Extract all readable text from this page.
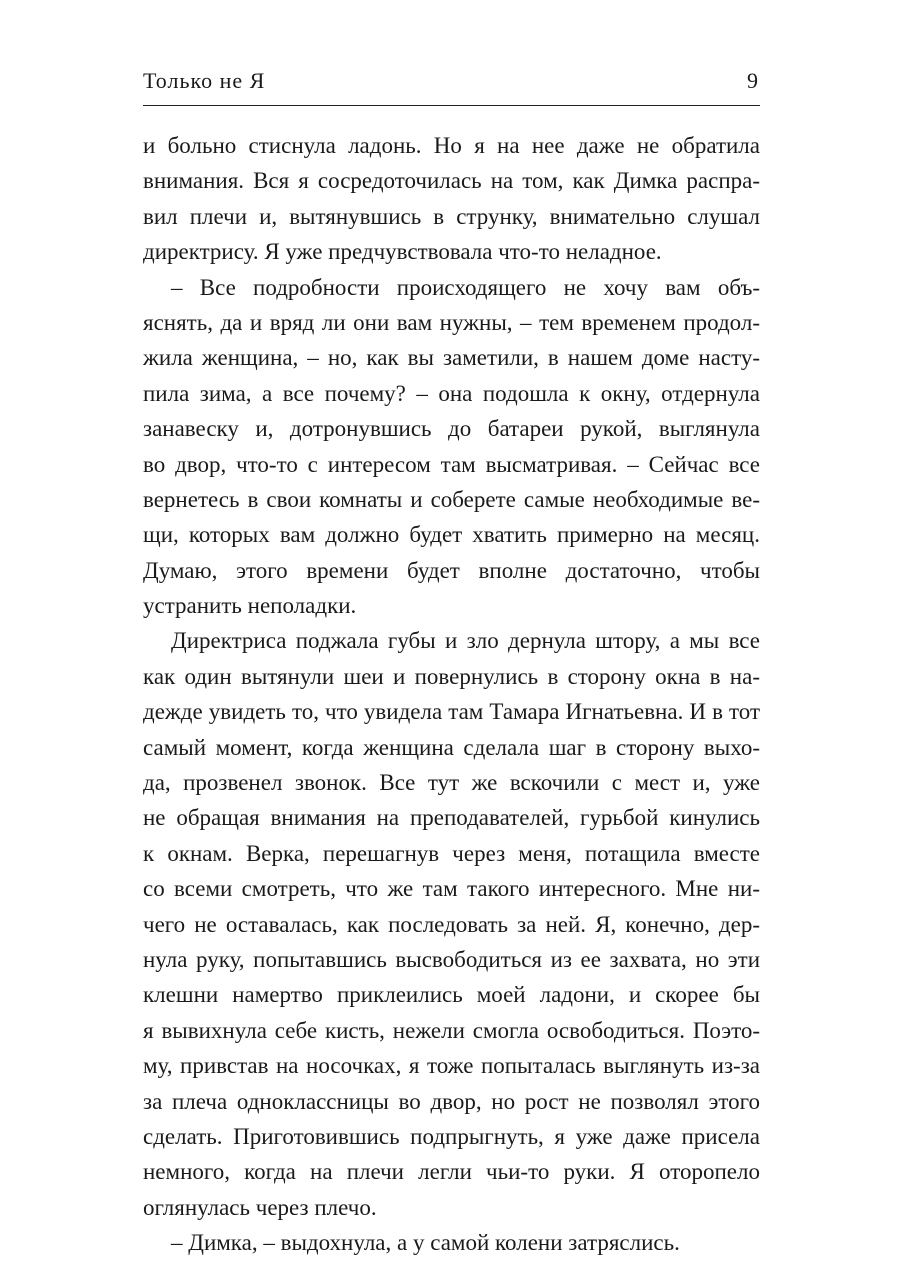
Только не Я	9
и больно стиснула ладонь. Но я на нее даже не обратила
внимания. Вся я сосредоточилась на том, как Димка распра-
вил плечи и, вытянувшись в струнку, внимательно слушал
директрису. Я уже предчувствовала что-то неладное.
– Все подробности происходящего не хочу вам объ-
яснять, да и вряд ли они вам нужны, – тем временем продол-
жила женщина, – но, как вы заметили, в нашем доме насту-
пила зима, а все почему? – она подошла к окну, отдернула
занавеску и, дотронувшись до батареи рукой, выглянула
во двор, что-то с интересом там высматривая. – Сейчас все
вернетесь в свои комнаты и соберете самые необходимые ве-
щи, которых вам должно будет хватить примерно на месяц.
Думаю, этого времени будет вполне достаточно, чтобы
устранить неполадки.
Директриса поджала губы и зло дернула штору, а мы все
как один вытянули шеи и повернулись в сторону окна в на-
дежде увидеть то, что увидела там Тамара Игнатьевна. И в тот
самый момент, когда женщина сделала шаг в сторону выхо-
да, прозвенел звонок. Все тут же вскочили с мест и, уже
не обращая внимания на преподавателей, гурьбой кинулись
к окнам. Верка, перешагнув через меня, потащила вместе
со всеми смотреть, что же там такого интересного. Мне ни-
чего не оставалась, как последовать за ней. Я, конечно, дер-
нула руку, попытавшись высвободиться из ее захвата, но эти
клешни намертво приклеились моей ладони, и скорее бы
я вывихнула себе кисть, нежели смогла освободиться. Поэто-
му, привстав на носочках, я тоже попыталась выглянуть из-за
за плеча одноклассницы во двор, но рост не позволял этого
сделать. Приготовившись подпрыгнуть, я уже даже присела
немного, когда на плечи легли чьи-то руки. Я оторопело
оглянулась через плечо.
– Димка, – выдохнула, а у самой колени затряслись.
